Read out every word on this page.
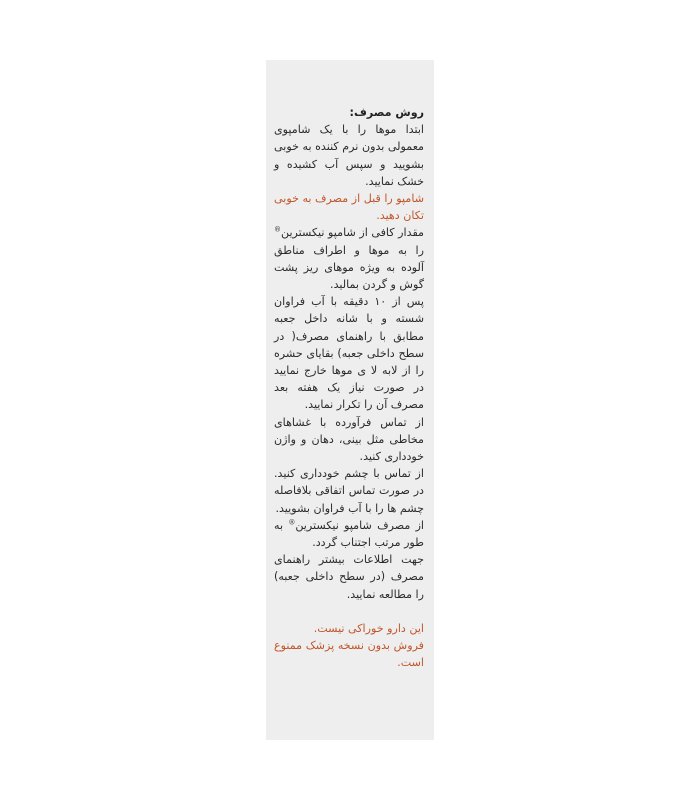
روش مصرف:

ابتدا موها را با یک شامپوی معمولی بدون نرم کننده به خوبی بشویید و سپس آب کشیده و خشک نمایید.

شامپو را قبل از مصرف به خوبی تکان دهید.

مقدار کافی از شامپو نیکسترین® را به موها و اطراف مناطق آلوده به ویژه موهای ریز پشت گوش و گردن بمالید.

پس از ۱۰ دقیقه با آب فراوان شسته و با شانه داخل جعبه مطابق با راهنمای مصرف( در سطح داخلی جعبه) بقایای حشره را از لابه لا ی موها خارج نمایید در صورت نیاز یک هفته بعد مصرف آن را تکرار نمایید.

از تماس فرآورده با غشاهای مخاطی مثل بینی، دهان و واژن خودداری کنید.

از تماس با چشم خودداری کنید. در صورت تماس اتفاقی بلافاصله چشم ها را با آب فراوان بشویید.

از مصرف شامپو نیکسترین® به طور مرتب اجتناب گردد.

جهت اطلاعات بیشتر راهنمای مصرف (در سطح داخلی جعبه) را مطالعه نمایید.

این دارو خوراکی نیست.

فروش بدون نسخه پزشک ممنوع است.
